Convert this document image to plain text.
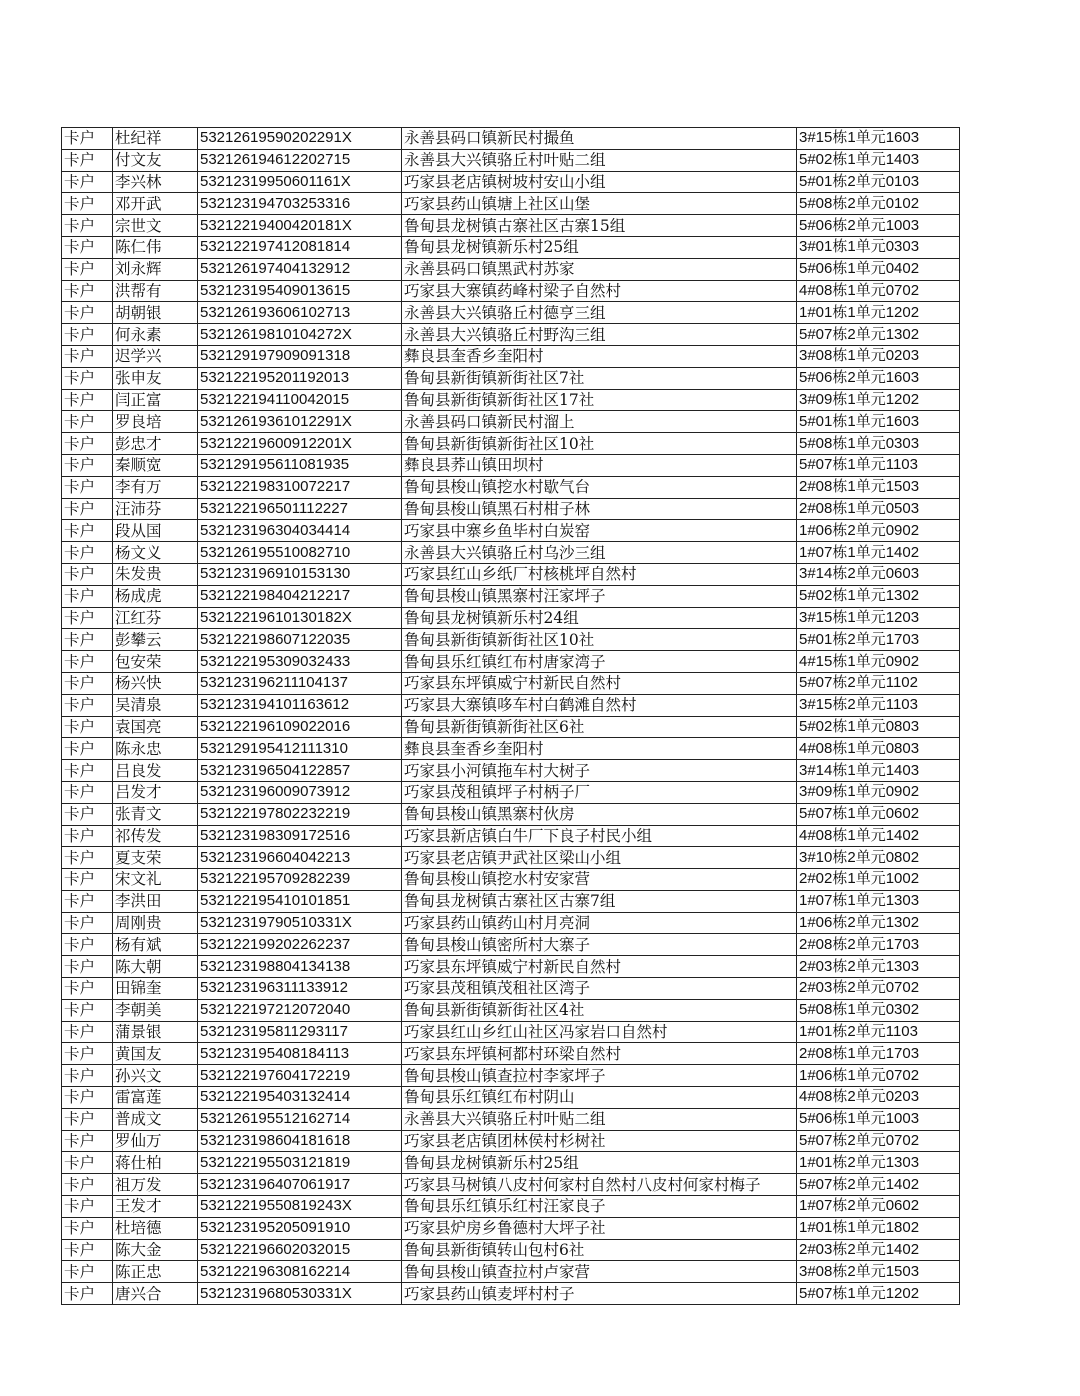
卡户	杜纪祥	53212619590202291X	永善县码口镇新民村撮鱼	3#15栋1单元1603
卡户	付文友	532126194612202715	永善县大兴镇骆丘村叶贴二组	5#02栋1单元1403
卡户	李兴林	53212319950601161X	巧家县老店镇树坡村安山小组	5#01栋2单元0103
卡户	邓开武	532123194703253316	巧家县药山镇塘上社区山堡	5#08栋2单元0102
卡户	宗世文	53212219400420181X	鲁甸县龙树镇古寨社区古寨15组	5#06栋2单元1003
卡户	陈仁伟	532122197412081814	鲁甸县龙树镇新乐村25组	3#01栋1单元0303
卡户	刘永辉	532126197404132912	永善县码口镇黑武村苏家	5#06栋1单元0402
卡户	洪帮有	532123195409013615	巧家县大寨镇药峰村梁子自然村	4#08栋1单元0702
卡户	胡朝银	532126193606102713	永善县大兴镇骆丘村德亨三组	1#01栋1单元1202
卡户	何永素	53212619810104272X	永善县大兴镇骆丘村野沟三组	5#07栋2单元1302
卡户	迟学兴	532129197909091318	彝良县奎香乡奎阳村	3#08栋1单元0203
卡户	张申友	532122195201192013	鲁甸县新街镇新街社区7社	5#06栋2单元1603
卡户	闫正富	532122194110042015	鲁甸县新街镇新街社区17社	3#09栋1单元1202
卡户	罗良培	53212619361012291X	永善县码口镇新民村溜上	5#01栋1单元1603
卡户	彭忠才	53212219600912201X	鲁甸县新街镇新街社区10社	5#08栋1单元0303
卡户	秦顺宽	532129195611081935	彝良县荞山镇田坝村	5#07栋1单元1103
卡户	李有万	532122198310072217	鲁甸县梭山镇挖水村歇气台	2#08栋1单元1503
卡户	汪沛芬	532122196501112227	鲁甸县梭山镇黑石村柑子林	2#08栋1单元0503
卡户	段从国	532123196304034414	巧家县中寨乡鱼毕村白炭窑	1#06栋2单元0902
卡户	杨文义	532126195510082710	永善县大兴镇骆丘村乌沙三组	1#07栋1单元1402
卡户	朱发贵	532123196910153130	巧家县红山乡纸厂村核桃坪自然村	3#14栋2单元0603
卡户	杨成虎	532122198404212217	鲁甸县梭山镇黑寨村汪家坪子	5#02栋1单元1302
卡户	江红芬	53212219610130182X	鲁甸县龙树镇新乐村24组	3#15栋1单元1203
卡户	彭攀云	532122198607122035	鲁甸县新街镇新街社区10社	5#01栋2单元1703
卡户	包安荣	532122195309032433	鲁甸县乐红镇红布村唐家湾子	4#15栋1单元0902
卡户	杨兴快	532123196211104137	巧家县东坪镇威宁村新民自然村	5#07栋2单元1102
卡户	吴清泉	532123194101163612	巧家县大寨镇哆车村白鹤滩自然村	3#15栋2单元1103
卡户	袁国亮	532122196109022016	鲁甸县新街镇新街社区6社	5#02栋1单元0803
卡户	陈永忠	532129195412111310	彝良县奎香乡奎阳村	4#08栋1单元0803
卡户	吕良发	532123196504122857	巧家县小河镇拖车村大树子	3#14栋1单元1403
卡户	吕发才	532123196009073912	巧家县茂租镇坪子村柄子厂	3#09栋1单元0902
卡户	张青文	532122197802232219	鲁甸县梭山镇黑寨村伙房	5#07栋1单元0602
卡户	祁传发	532123198309172516	巧家县新店镇白牛厂下良子村民小组	4#08栋1单元1402
卡户	夏支荣	532123196604042213	巧家县老店镇尹武社区梁山小组	3#10栋2单元0802
卡户	宋文礼	532122195709282239	鲁甸县梭山镇挖水村安家营	2#02栋1单元1002
卡户	李洪田	532122195410101851	鲁甸县龙树镇古寨社区古寨7组	1#07栋1单元1303
卡户	周刚贵	53212319790510331X	巧家县药山镇药山村月亮洞	1#06栋2单元1302
卡户	杨有斌	532122199202262237	鲁甸县梭山镇密所村大寨子	2#08栋2单元1703
卡户	陈大朝	532123198804134138	巧家县东坪镇威宁村新民自然村	2#03栋2单元1303
卡户	田锦奎	532123196311133912	巧家县茂租镇茂租社区湾子	2#03栋2单元0702
卡户	李朝美	532122197212072040	鲁甸县新街镇新街社区4社	5#08栋1单元0302
卡户	蒲景银	532123195811293117	巧家县红山乡红山社区冯家岩口自然村	1#01栋2单元1103
卡户	黄国友	532123195408184113	巧家县东坪镇柯都村环梁自然村	2#08栋1单元1703
卡户	孙兴文	532122197604172219	鲁甸县梭山镇查拉村李家坪子	1#06栋1单元0702
卡户	雷富莲	532122195403132414	鲁甸县乐红镇红布村阴山	4#08栋2单元0203
卡户	普成文	532126195512162714	永善县大兴镇骆丘村叶贴二组	5#06栋1单元1003
卡户	罗仙万	532123198604181618	巧家县老店镇团林侯村杉树社	5#07栋2单元0702
卡户	蒋仕柏	532122195503121819	鲁甸县龙树镇新乐村25组	1#01栋2单元1303
卡户	祖万发	532123196407061917	巧家县马树镇八皮村何家村自然村八皮村何家村梅子	5#07栋2单元1402
卡户	王发才	53212219550819243X	鲁甸县乐红镇乐红村汪家良子	1#07栋2单元0602
卡户	杜培德	532123195205091910	巧家县炉房乡鲁德村大坪子社	1#01栋1单元1802
卡户	陈大金	532122196602032015	鲁甸县新街镇转山包村6社	2#03栋2单元1402
卡户	陈正忠	532122196308162214	鲁甸县梭山镇查拉村卢家营	3#08栋2单元1503
卡户	唐兴合	53212319680530331X	巧家县药山镇麦坪村村子	5#07栋1单元1202
